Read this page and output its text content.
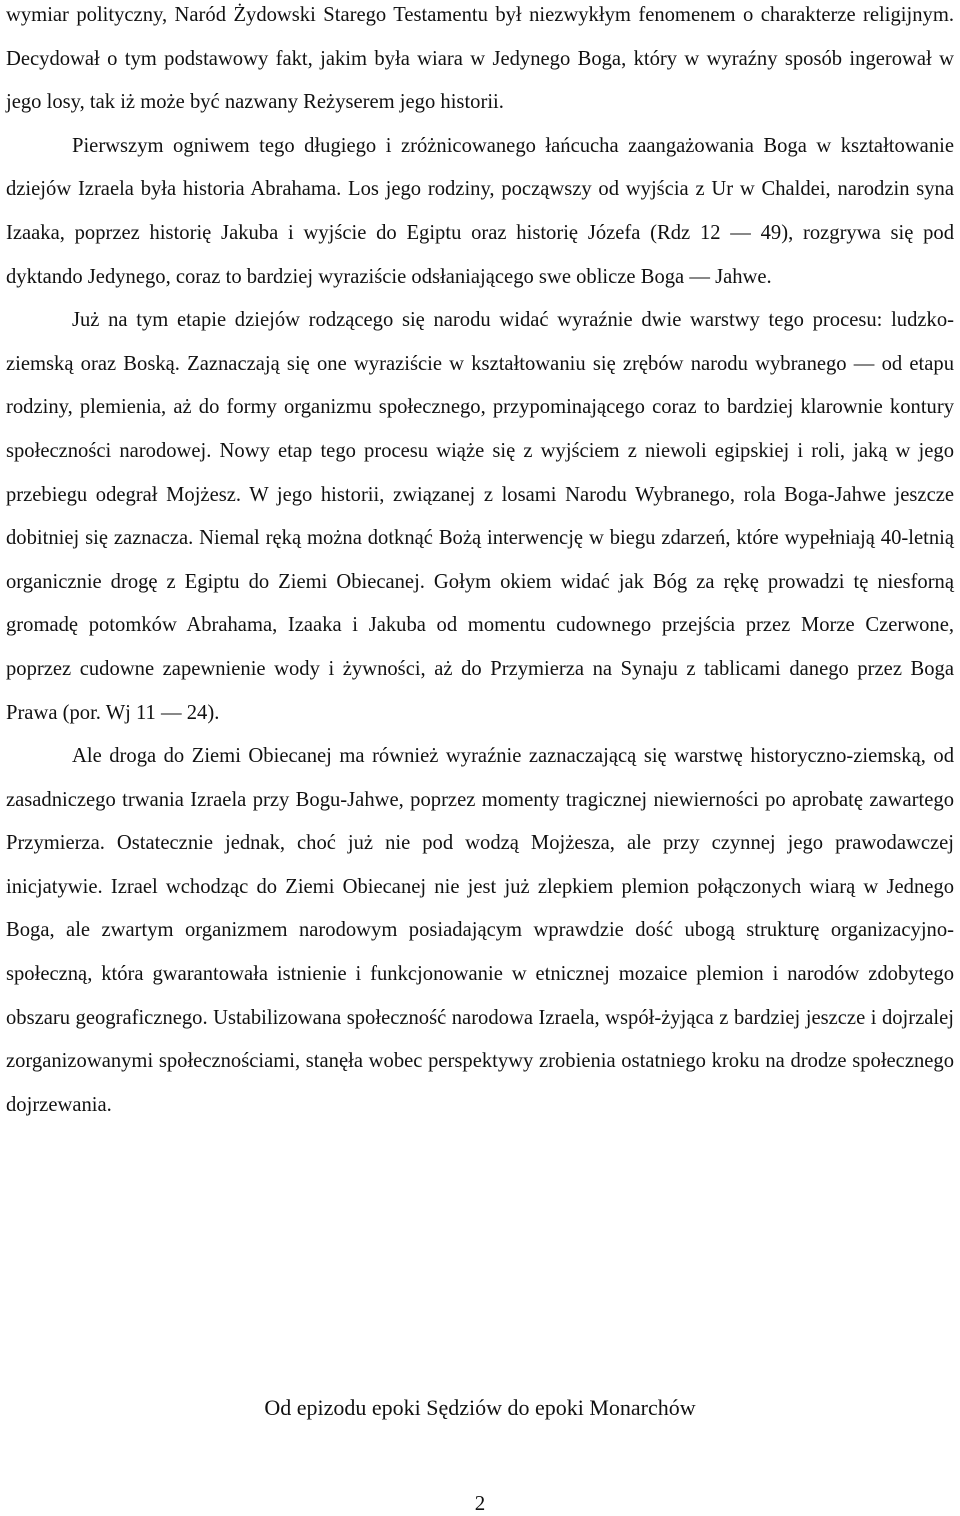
wymiar polityczny, Naród Żydowski Starego Testamentu był niezwykłym fenomenem o charakterze religijnym. Decydował o tym podstawowy fakt, jakim była wiara w Jedynego Boga, który w wyraźny sposób ingerował w jego losy, tak iż może być nazwany Reżyserem jego historii.

Pierwszym ogniwem tego długiego i zróżnicowanego łańcucha zaangażowania Boga w kształtowanie dziejów Izraela była historia Abrahama. Los jego rodziny, począwszy od wyjścia z Ur w Chaldei, narodzin syna Izaaka, poprzez historię Jakuba i wyjście do Egiptu oraz historię Józefa (Rdz 12 — 49), rozgrywa się pod dyktando Jedynego, coraz to bardziej wyraziście odsłaniającego swe oblicze Boga — Jahwe.

Już na tym etapie dziejów rodzącego się narodu widać wyraźnie dwie warstwy tego procesu: ludzko-ziemską oraz Boską. Zaznaczają się one wyraziście w kształtowaniu się zrębów narodu wybranego — od etapu rodziny, plemienia, aż do formy organizmu społecznego, przypominającego coraz to bardziej klarownie kontury społeczności narodowej. Nowy etap tego procesu wiąże się z wyjściem z niewoli egipskiej i roli, jaką w jego przebiegu odegrał Mojżesz. W jego historii, związanej z losami Narodu Wybranego, rola Boga-Jahwe jeszcze dobitniej się zaznacza. Niemal ręką można dotknąć Bożą interwencję w biegu zdarzeń, które wypełniają 40-letnią organicznie drogę z Egiptu do Ziemi Obiecanej. Gołym okiem widać jak Bóg za rękę prowadzi tę niesforną gromadę potomków Abrahama, Izaaka i Jakuba od momentu cudownego przejścia przez Morze Czerwone, poprzez cudowne zapewnienie wody i żywności, aż do Przymierza na Synaju z tablicami danego przez Boga Prawa (por. Wj 11 — 24).

Ale droga do Ziemi Obiecanej ma również wyraźnie zaznaczającą się warstwę historyczno-ziemską, od zasadniczego trwania Izraela przy Bogu-Jahwe, poprzez momenty tragicznej niewierności po aprobatę zawartego Przymierza. Ostatecznie jednak, choć już nie pod wodzą Mojżesza, ale przy czynnej jego prawodawczej inicjatywie. Izrael wchodząc do Ziemi Obiecanej nie jest już zlepkiem plemion połączonych wiarą w Jednego Boga, ale zwartym organizmem narodowym posiadającym wprawdzie dość ubogą strukturę organizacyjno-społeczną, która gwarantowała istnienie i funkcjonowanie w etnicznej mozaice plemion i narodów zdobytego obszaru geograficznego. Ustabilizowana społeczność narodowa Izraela, współ-żyjąca z bardziej jeszcze i dojrzalej zorganizowanymi społecznościami, stanęła wobec perspektywy zrobienia ostatniego kroku na drodze społecznego dojrzewania.

Od epizodu epoki Sędziów do epoki Monarchów
2
